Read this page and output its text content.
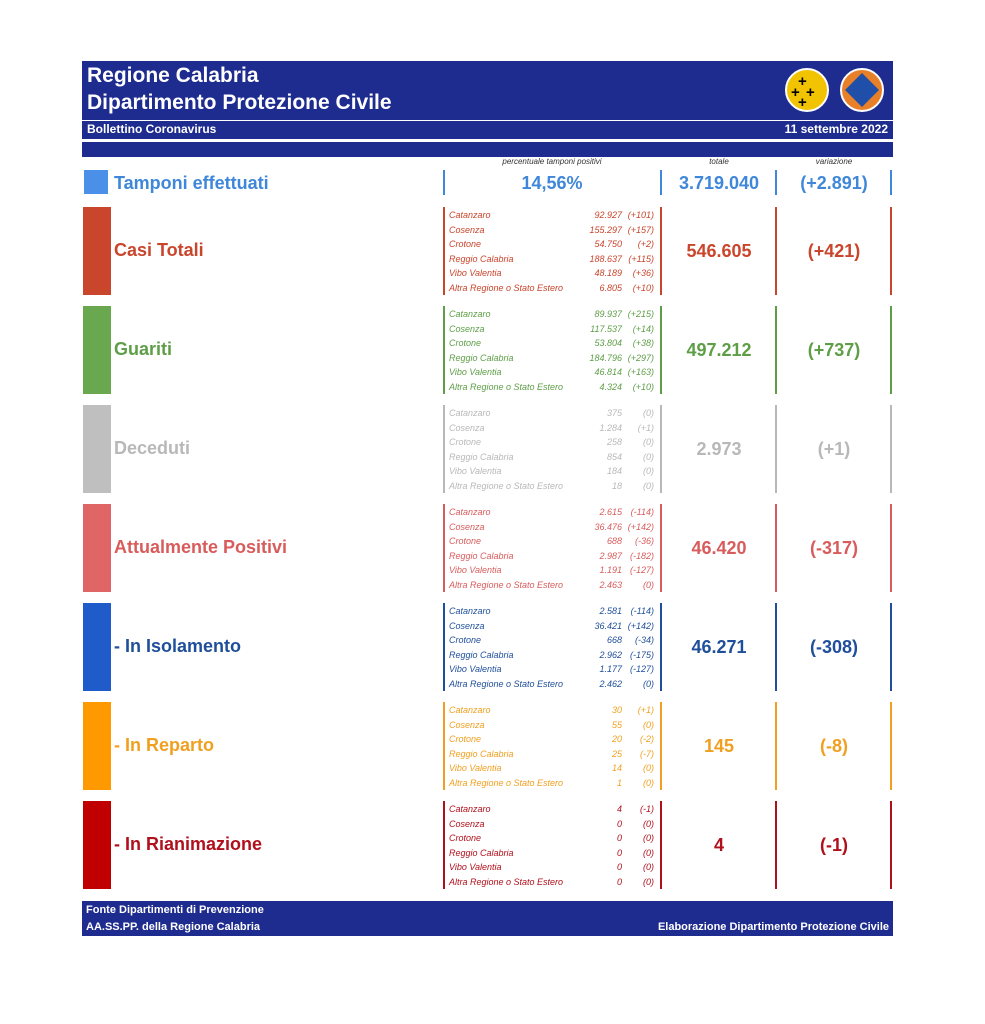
Regione Calabria
Dipartimento Protezione Civile
+
+ +
+
Bollettino Coronavirus	11 settembre 2022
percentuale tamponi positivi	totale	variazione
Tamponi effettuati	14,56%	3.719.040	(+2.891)
Casi Totali
Catanzaro	92.927 (+101)
Cosenza	155.297 (+157)
Crotone	54.750 (+2)
Reggio Calabria	188.637 (+115)
Vibo Valentia	48.189 (+36)
Altra Regione o Stato Estero	6.805 (+10)
546.605	(+421)
Guariti
Catanzaro	89.937 (+215)
Cosenza	117.537 (+14)
Crotone	53.804 (+38)
Reggio Calabria	184.796 (+297)
Vibo Valentia	46.814 (+163)
Altra Regione o Stato Estero	4.324 (+10)
497.212	(+737)
Deceduti
Catanzaro	375 (0)
Cosenza	1.284 (+1)
Crotone	258 (0)
Reggio Calabria	854 (0)
Vibo Valentia	184 (0)
Altra Regione o Stato Estero	18 (0)
2.973	(+1)
Attualmente Positivi
Catanzaro	2.615 (-114)
Cosenza	36.476 (+142)
Crotone	688 (-36)
Reggio Calabria	2.987 (-182)
Vibo Valentia	1.191 (-127)
Altra Regione o Stato Estero	2.463 (0)
46.420	(-317)
- In Isolamento
Catanzaro	2.581 (-114)
Cosenza	36.421 (+142)
Crotone	668 (-34)
Reggio Calabria	2.962 (-175)
Vibo Valentia	1.177 (-127)
Altra Regione o Stato Estero	2.462 (0)
46.271	(-308)
- In Reparto
Catanzaro	30 (+1)
Cosenza	55 (0)
Crotone	20 (-2)
Reggio Calabria	25 (-7)
Vibo Valentia	14 (0)
Altra Regione o Stato Estero	1 (0)
145	(-8)
- In Rianimazione
Catanzaro	4 (-1)
Cosenza	0 (0)
Crotone	0 (0)
Reggio Calabria	0 (0)
Vibo Valentia	0 (0)
Altra Regione o Stato Estero	0 (0)
4	(-1)
Fonte Dipartimenti di Prevenzione
AA.SS.PP. della Regione Calabria	Elaborazione Dipartimento Protezione Civile
